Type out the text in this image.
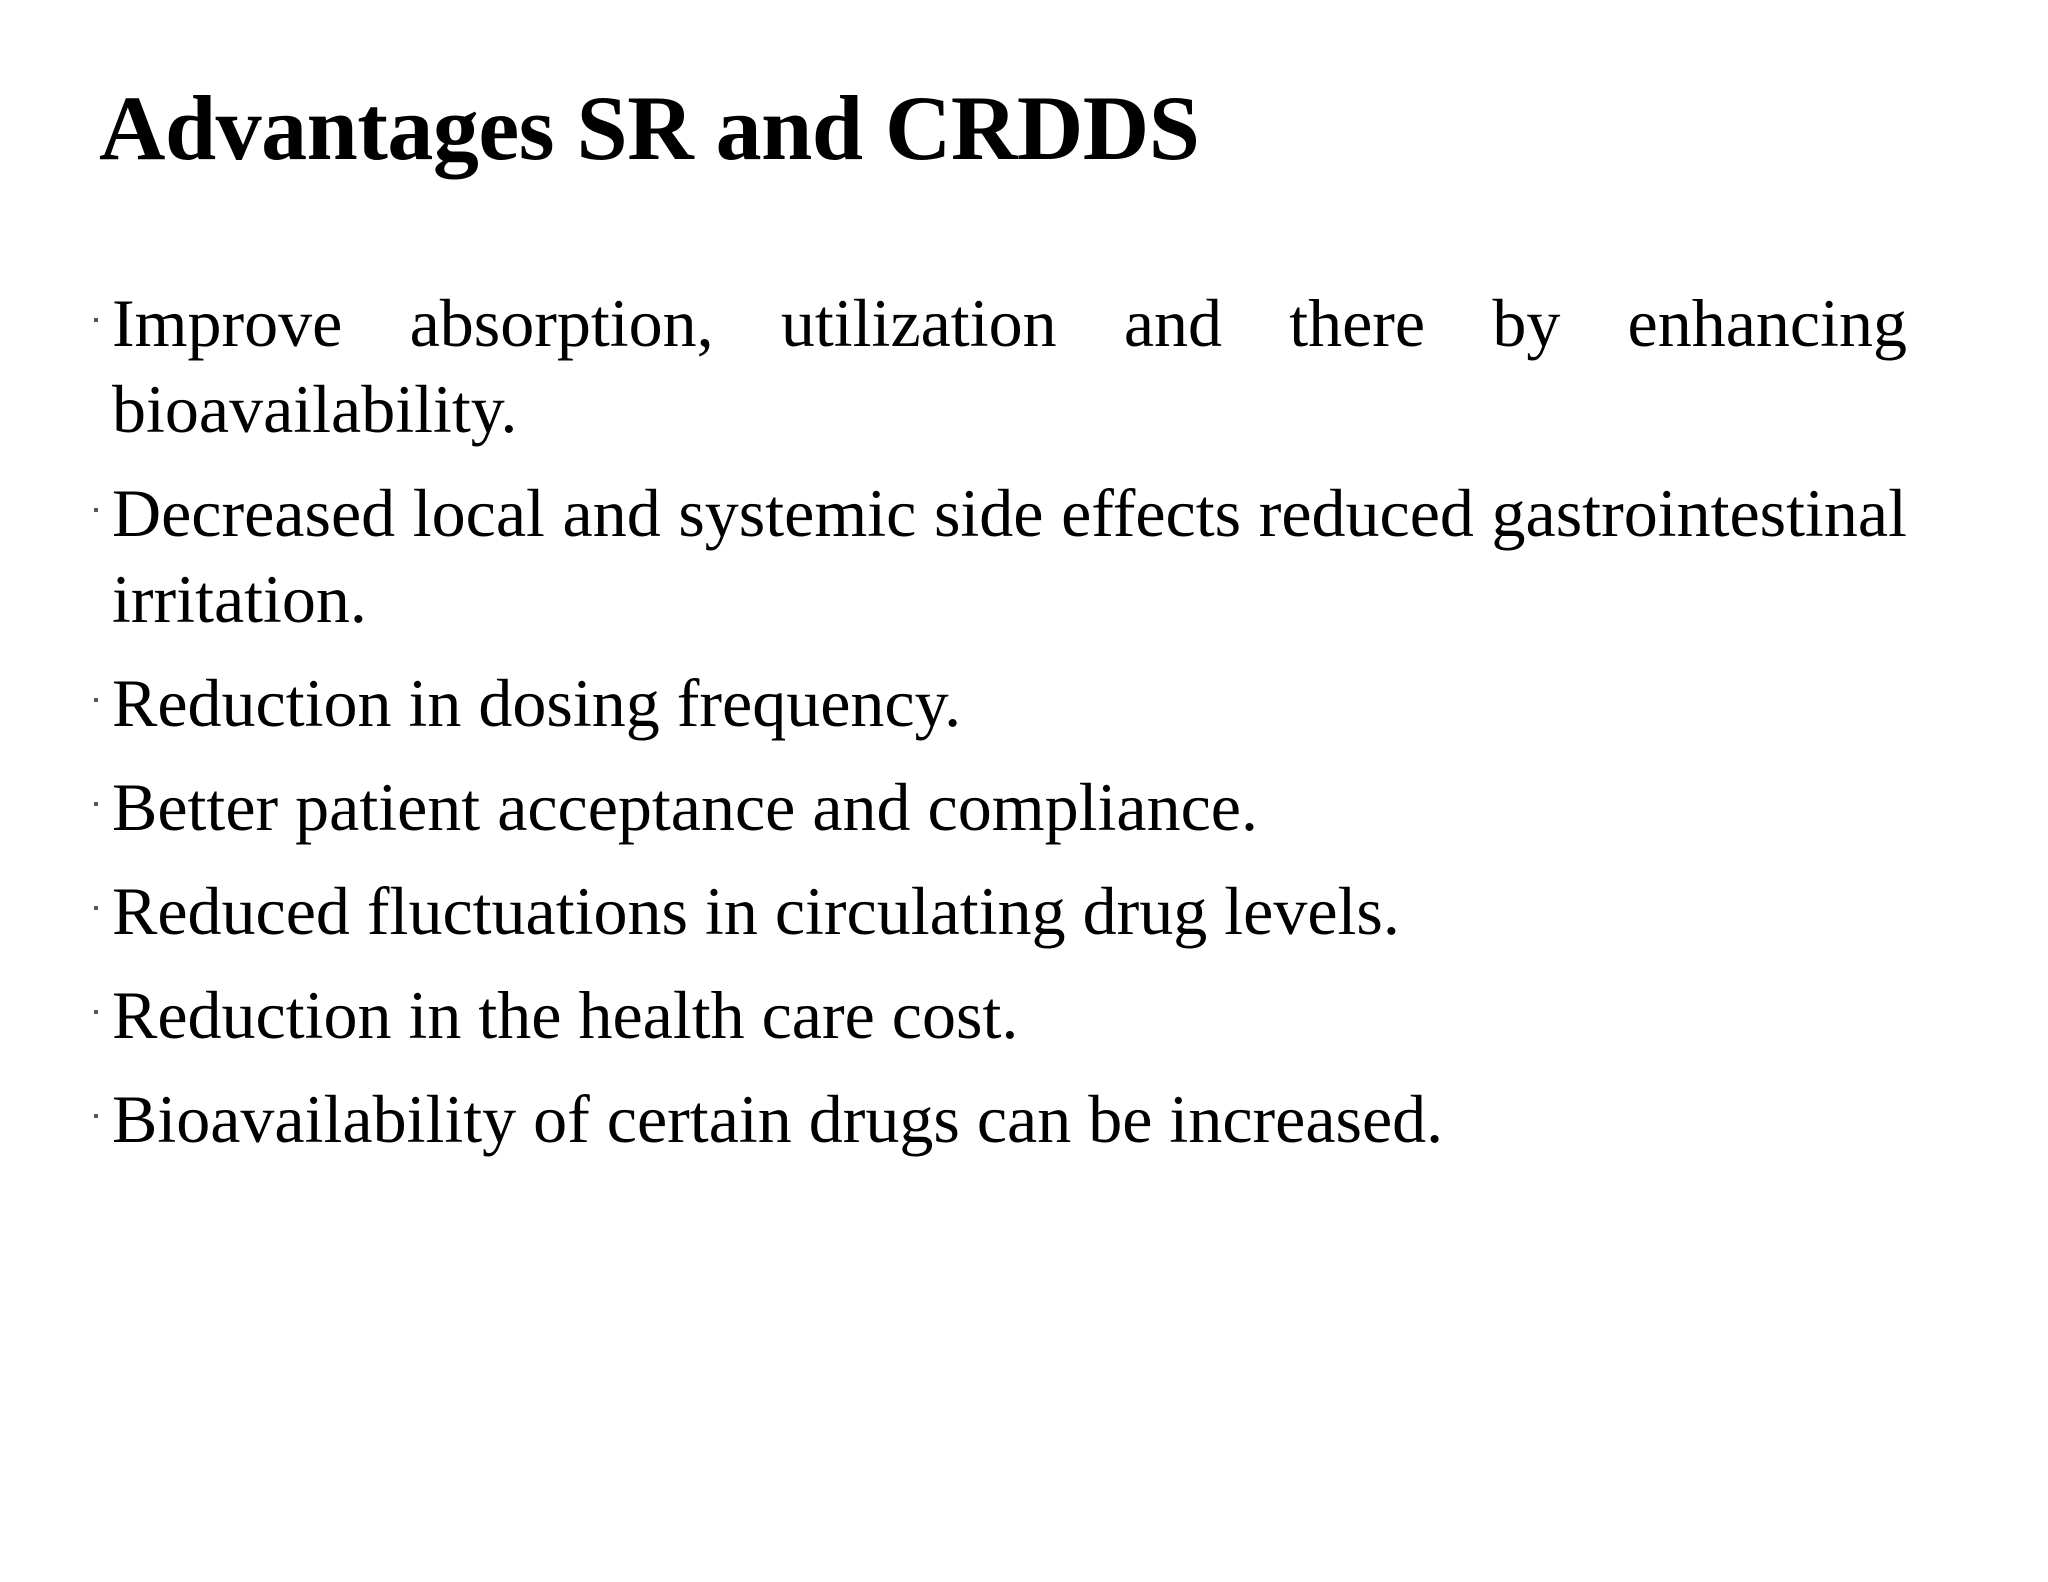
Advantages SR and CRDDS
Improve absorption, utilization and there by enhancing bioavailability.
Decreased local and systemic side effects reduced gastrointestinal irritation.
Reduction in dosing frequency.
Better patient acceptance and compliance.
Reduced fluctuations in circulating drug levels.
Reduction in the health care cost.
Bioavailability of certain drugs can be increased.
